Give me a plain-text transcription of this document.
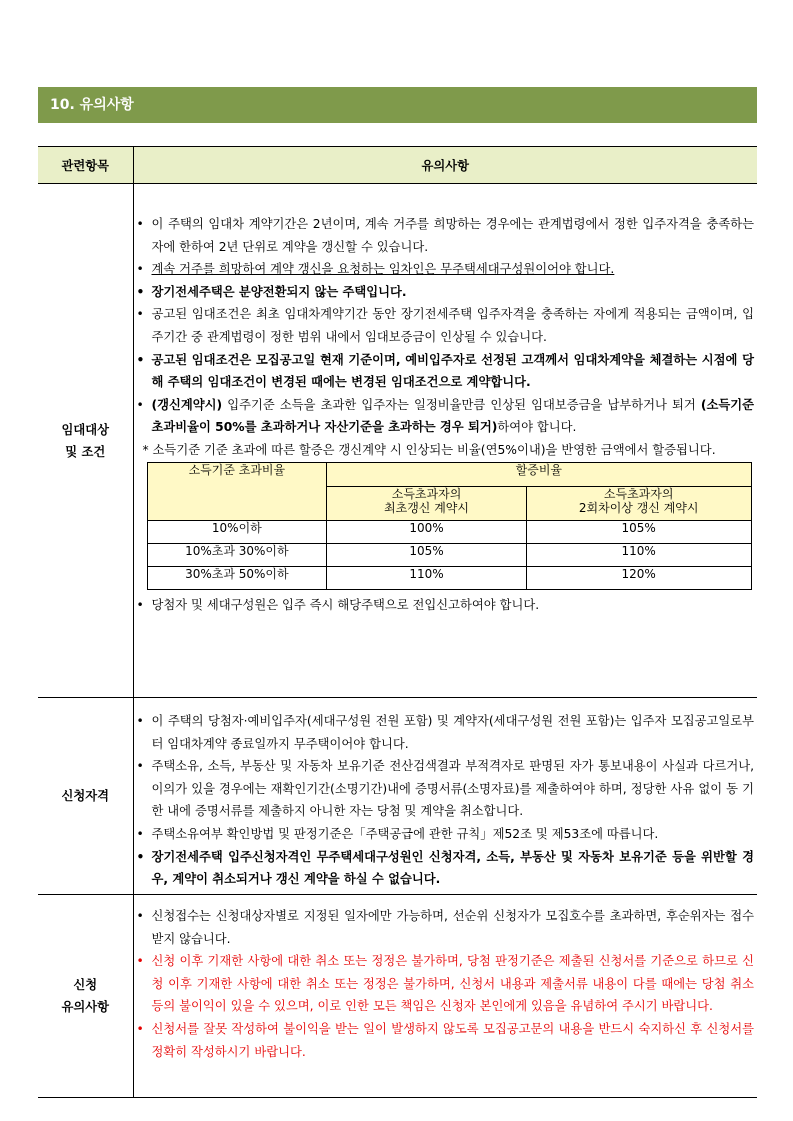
10. 유의사항
관련항목	유의사항

임대대상
및 조건

• 이 주택의 임대차 계약기간은 2년이며, 계속 거주를 희망하는 경우에는 관계법령에서 정한 입주자격을 충족하는 자에 한하여 2년 단위로 계약을 갱신할 수 있습니다.
• 계속 거주를 희망하여 계약 갱신을 요청하는 임차인은 무주택세대구성원이어야 합니다.
• 장기전세주택은 분양전환되지 않는 주택입니다.
• 공고된 임대조건은 최초 임대차계약기간 동안 장기전세주택 입주자격을 충족하는 자에게 적용되는 금액이며, 입주기간 중 관계법령이 정한 범위 내에서 임대보증금이 인상될 수 있습니다.
• 공고된 임대조건은 모집공고일 현재 기준이며, 예비입주자로 선정된 고객께서 임대차계약을 체결하는 시점에 당해 주택의 임대조건이 변경된 때에는 변경된 임대조건으로 계약합니다.
• (갱신계약시) 입주기준 소득을 초과한 입주자는 일정비율만큼 인상된 임대보증금을 납부하거나 퇴거 (소득기준 초과비율이 50%를 초과하거나 자산기준을 초과하는 경우 퇴거)하여야 합니다.
* 소득기준 기준 초과에 따른 할증은 갱신계약 시 인상되는 비율(연5%이내)을 반영한 금액에서 할증됩니다.
소득기준 초과비율	할증비율

소득초과자의
최초갱신 계약시

소득초과자의
2회차이상 갱신 계약시

10%이하	100%	105%
10%초과 30%이하	105%	110%
30%초과 50%이하	110%	120%
• 당첨자 및 세대구성원은 입주 즉시 해당주택으로 전입신고하여야 합니다.

신청자격

• 이 주택의 당첨자·예비입주자(세대구성원 전원 포함) 및 계약자(세대구성원 전원 포함)는 입주자 모집공고일로부터 임대차계약 종료일까지 무주택이어야 합니다.
• 주택소유, 소득, 부동산 및 자동차 보유기준 전산검색결과 부적격자로 판명된 자가 통보내용이 사실과 다르거나, 이의가 있을 경우에는 재확인기간(소명기간)내에 증명서류(소명자료)를 제출하여야 하며, 정당한 사유 없이 동 기한 내에 증명서류를 제출하지 아니한 자는 당첨 및 계약을 취소합니다.
• 주택소유여부 확인방법 및 판정기준은「주택공급에 관한 규칙」제52조 및 제53조에 따릅니다.
• 장기전세주택 입주신청자격인 무주택세대구성원인 신청자격, 소득, 부동산 및 자동차 보유기준 등을 위반할 경우, 계약이 취소되거나 갱신 계약을 하실 수 없습니다.

신청
유의사항

• 신청접수는 신청대상자별로 지정된 일자에만 가능하며, 선순위 신청자가 모집호수를 초과하면, 후순위자는 접수받지 않습니다.
• 신청 이후 기재한 사항에 대한 취소 또는 정정은 불가하며, 당첨 판정기준은 제출된 신청서를 기준으로 하므로 신청 이후 기재한 사항에 대한 취소 또는 정정은 불가하며, 신청서 내용과 제출서류 내용이 다를 때에는 당첨 취소 등의 불이익이 있을 수 있으며, 이로 인한 모든 책임은 신청자 본인에게 있음을 유념하여 주시기 바랍니다.
• 신청서를 잘못 작성하여 불이익을 받는 일이 발생하지 않도록 모집공고문의 내용을 반드시 숙지하신 후 신청서를 정확히 작성하시기 바랍니다.
